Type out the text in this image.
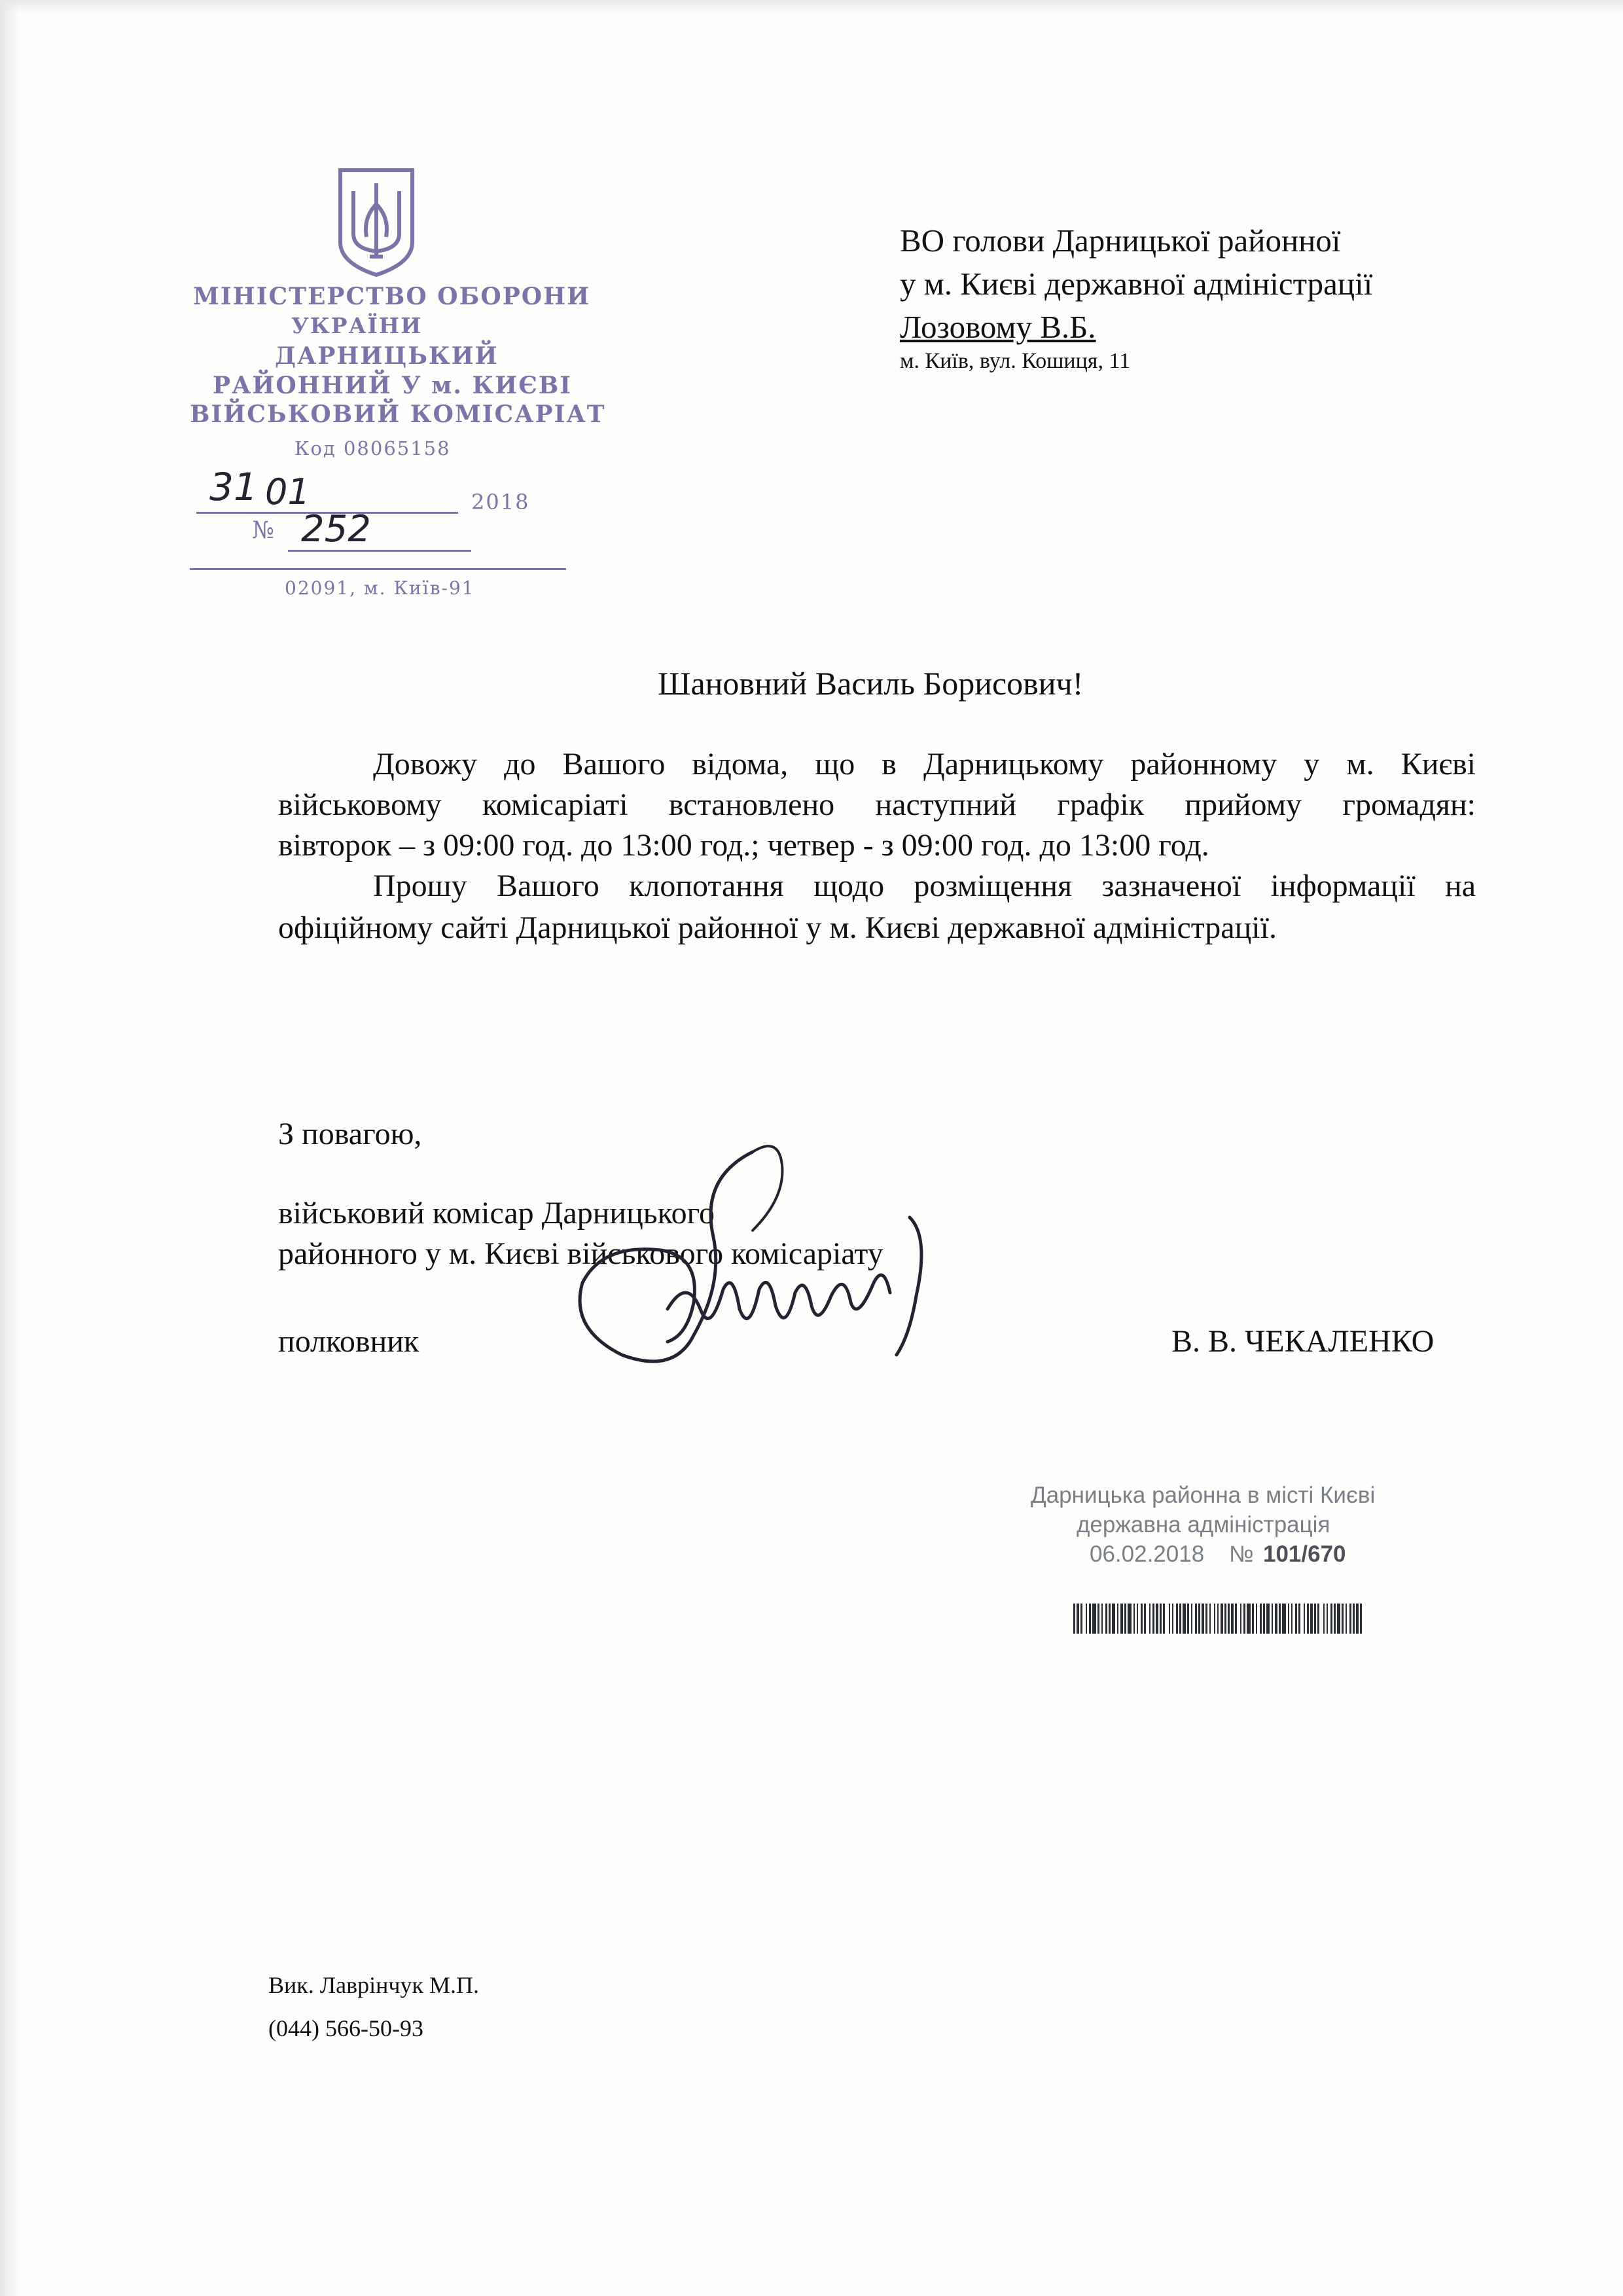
МІНІСТЕРСТВО ОБОРОНИ
УКРАЇНИ
ДАРНИЦЬКИЙ
РАЙОННИЙ У м. КИЄВІ
ВІЙСЬКОВИЙ КОМІСАРІАТ
Код 08065158
31 01	2018
№ 252
02091, м. Київ-91
ВО голови Дарницької районної
у м. Києві державної адміністрації
Лозовому В.Б.
м. Київ, вул. Кошиця, 11
Шановний Василь Борисович!
Довожу до Вашого відома, що в Дарницькому районному у м. Києві
військовому комісаріаті встановлено наступний графік прийому громадян:
вівторок – з 09:00 год. до 13:00 год.; четвер - з 09:00 год. до 13:00 год.
Прошу Вашого клопотання щодо розміщення зазначеної інформації на
офіційному сайті Дарницької районної у м. Києві державної адміністрації.
З повагою,
військовий комісар Дарницького
районного у м. Києві військового комісаріату
полковник	В. В. ЧЕКАЛЕНКО
Дарницька районна в місті Києві
державна адміністрація
06.02.2018 № 101/670
Вик. Лаврінчук М.П.
(044) 566-50-93
